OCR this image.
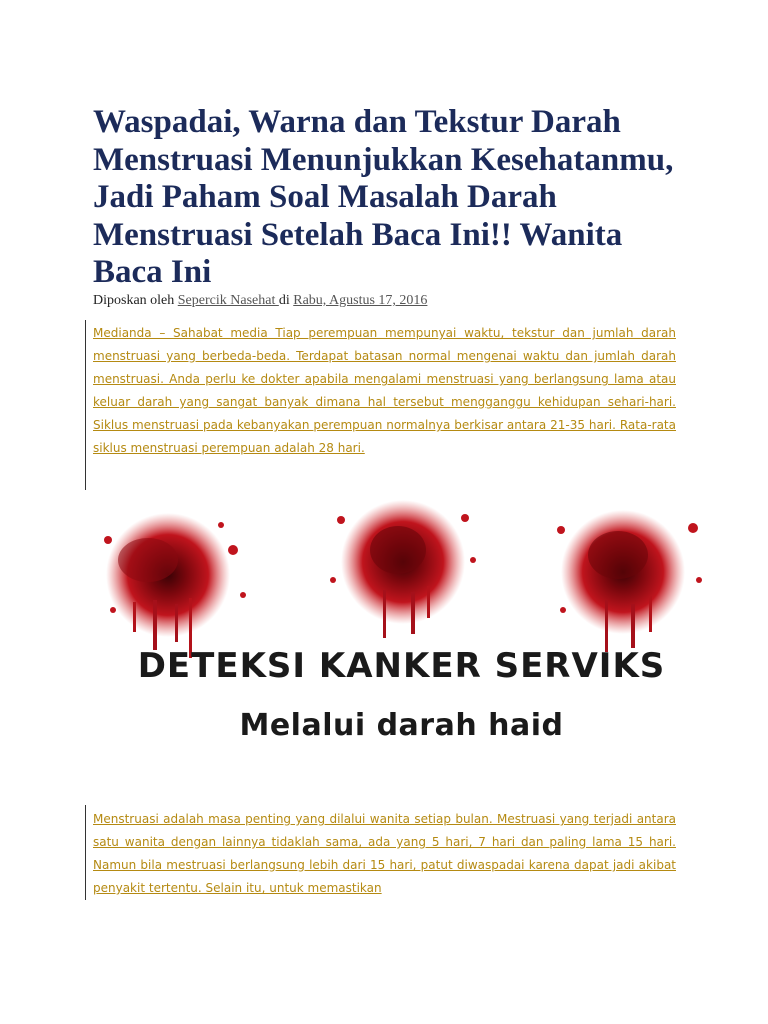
Waspadai, Warna dan Tekstur Darah Menstruasi Menunjukkan Kesehatanmu, Jadi Paham Soal Masalah Darah Menstruasi Setelah Baca Ini!! Wanita Baca Ini
Diposkan oleh Sepercik Nasehat di Rabu, Agustus 17, 2016

Medianda – Sahabat media Tiap perempuan mempunyai waktu, tekstur dan jumlah darah menstruasi yang berbeda-beda. Terdapat batasan normal mengenai waktu dan jumlah darah menstruasi. Anda perlu ke dokter apabila mengalami menstruasi yang berlangsung lama atau keluar darah yang sangat banyak dimana hal tersebut mengganggu kehidupan sehari-hari. Siklus menstruasi pada kebanyakan perempuan normalnya berkisar antara 21-35 hari. Rata-rata siklus menstruasi perempuan adalah 28 hari.

DETEKSI KANKER SERVIKS

Melalui darah haid

Menstruasi adalah masa penting yang dilalui wanita setiap bulan. Mestruasi yang terjadi antara satu wanita dengan lainnya tidaklah sama, ada yang 5 hari, 7 hari dan paling lama 15 hari. Namun bila mestruasi berlangsung lebih dari 15 hari, patut diwaspadai karena dapat jadi akibat penyakit tertentu. Selain itu, untuk memastikan
